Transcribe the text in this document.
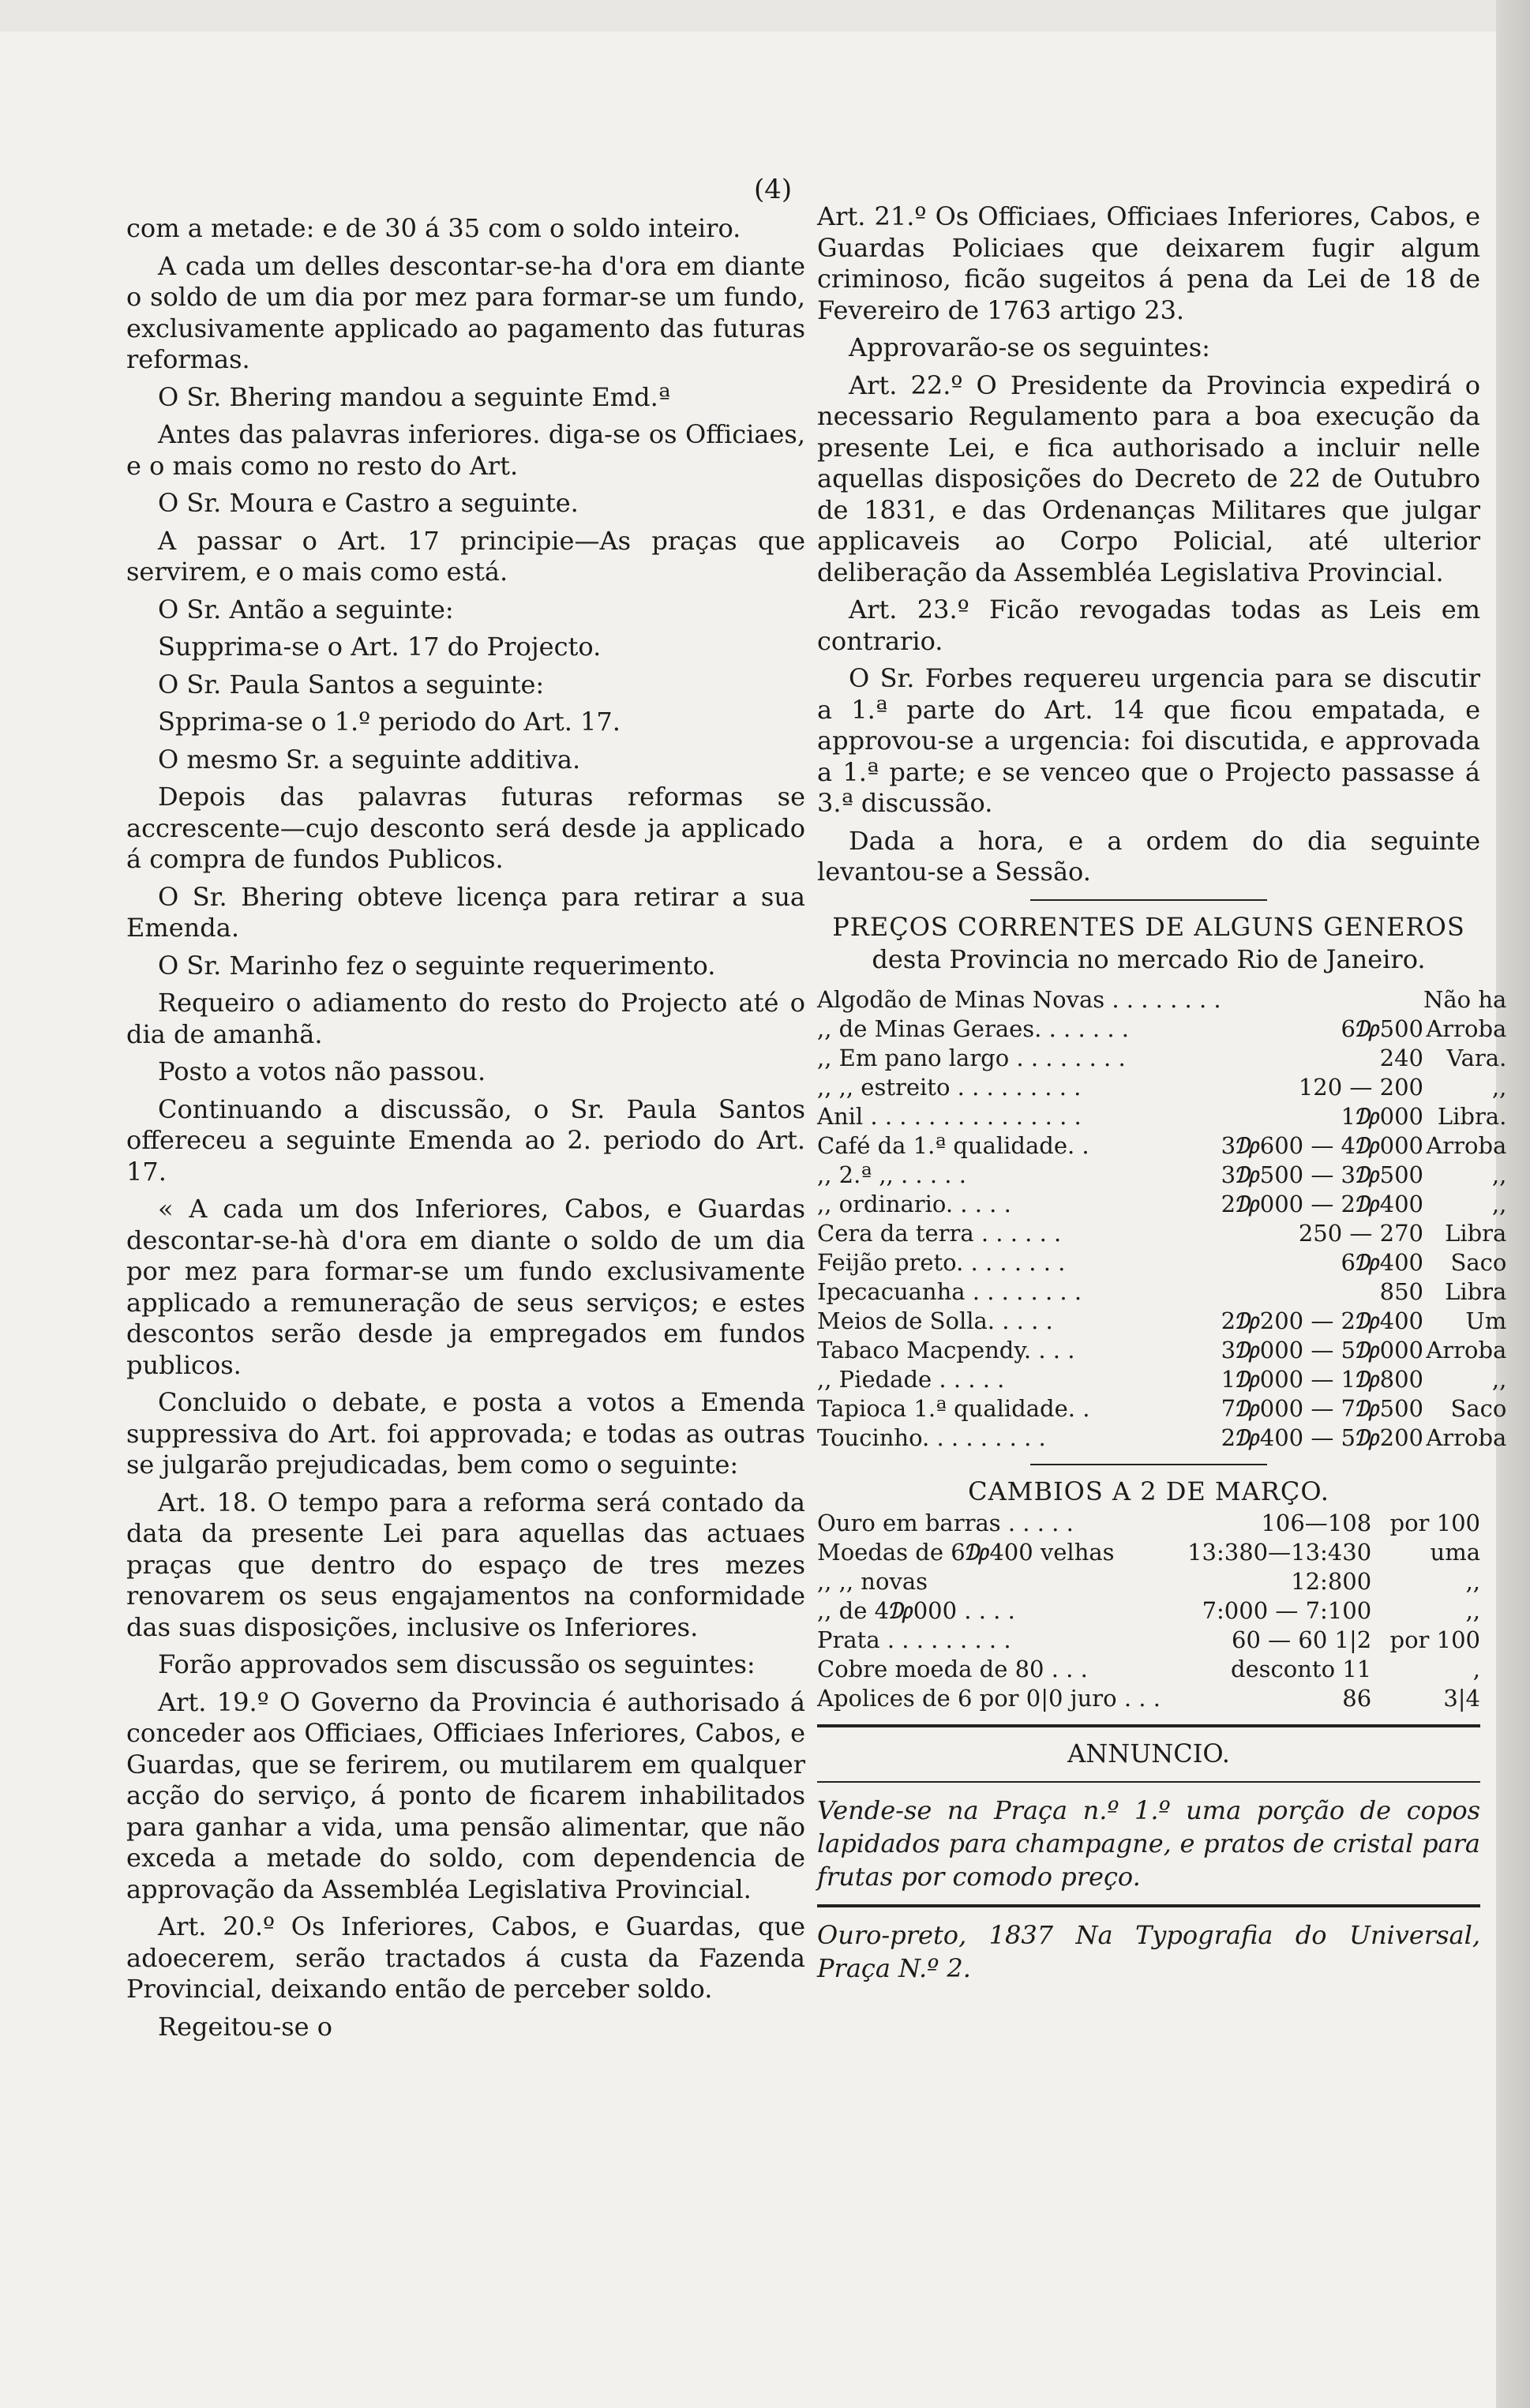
(4)

com a metade: e de 30 á 35 com o soldo inteiro.

A cada um delles descontar-se-ha d'ora em diante o soldo de um dia por mez para formar-se um fundo, exclusivamente applicado ao pagamento das futuras reformas.

O Sr. Bhering mandou a seguinte Emd.ª

Antes das palavras inferiores. diga-se os Officiaes, e o mais como no resto do Art.

O Sr. Moura e Castro a seguinte.

A passar o Art. 17 principie—As praças que servirem, e o mais como está.

O Sr. Antão a seguinte:

Supprima-se o Art. 17 do Projecto.

O Sr. Paula Santos a seguinte:

Spprima-se o 1.º periodo do Art. 17.

O mesmo Sr. a seguinte additiva.

Depois das palavras futuras reformas se accrescente—cujo desconto será desde ja applicado á compra de fundos Publicos.

O Sr. Bhering obteve licença para retirar a sua Emenda.

O Sr. Marinho fez o seguinte requerimento.

Requeiro o adiamento do resto do Projecto até o dia de amanhã.

Posto a votos não passou.

Continuando a discussão, o Sr. Paula Santos offereceu a seguinte Emenda ao 2. periodo do Art. 17.

« A cada um dos Inferiores, Cabos, e Guardas descontar-se-hà d'ora em diante o soldo de um dia por mez para formar-se um fundo exclusivamente applicado a remuneração de seus serviços; e estes descontos serão desde ja empregados em fundos publicos.

Concluido o debate, e posta a votos a Emenda suppressiva do Art. foi approvada; e todas as outras se julgarão prejudicadas, bem como o seguinte:

Art. 18. O tempo para a reforma será contado da data da presente Lei para aquellas das actuaes praças que dentro do espaço de tres mezes renovarem os seus engajamentos na conformidade das suas disposições, inclusive os Inferiores.

Forão approvados sem discussão os seguintes:

Art. 19.º O Governo da Provincia é authorisado á conceder aos Officiaes, Officiaes Inferiores, Cabos, e Guardas, que se ferirem, ou mutilarem em qualquer acção do serviço, á ponto de ficarem inhabilitados para ganhar a vida, uma pensão alimentar, que não exceda a metade do soldo, com dependencia de approvação da Assembléa Legislativa Provincial.

Art. 20.º Os Inferiores, Cabos, e Guardas, que adoecerem, serão tractados á custa da Fazenda Provincial, deixando então de perceber soldo.

Regeitou-se o

Art. 21.º Os Officiaes, Officiaes Inferiores, Cabos, e Guardas Policiaes que deixarem fugir algum criminoso, ficão sugeitos á pena da Lei de 18 de Fevereiro de 1763 artigo 23.

Approvarão-se os seguintes:

Art. 22.º O Presidente da Provincia expedirá o necessario Regulamento para a boa execução da presente Lei, e fica authorisado a incluir nelle aquellas disposições do Decreto de 22 de Outubro de 1831, e das Ordenanças Militares que julgar applicaveis ao Corpo Policial, até ulterior deliberação da Assembléa Legislativa Provincial.

Art. 23.º Ficão revogadas todas as Leis em contrario.

O Sr. Forbes requereu urgencia para se discutir a 1.ª parte do Art. 14 que ficou empatada, e approvou-se a urgencia: foi discutida, e approvada a 1.ª parte; e se venceo que o Projecto passasse á 3.ª discussão.

Dada a hora, e a ordem do dia seguinte levantou-se a Sessão.

PREÇOS CORRENTES DE ALGUNS GENEROS
desta Provincia no mercado Rio de Janeiro.
Algodão de Minas Novas . . . . . . . .		Não ha
,, de Minas Geraes. . . . . . .	6₯500	Arroba
,, Em pano largo . . . . . . . .	240	Vara.
,, ,, estreito . . . . . . . . .	120 — 200	,,
Anil . . . . . . . . . . . . . . .	1₯000	Libra.
Café da 1.ª qualidade. .	3₯600 — 4₯000	Arroba
,, 2.ª ,, . . . . .	3₯500 — 3₯500	,,
,, ordinario. . . . .	2₯000 — 2₯400	,,
Cera da terra . . . . . .	250 — 270	Libra
Feijão preto. . . . . . . .	6₯400	Saco
Ipecacuanha . . . . . . . .	850	Libra
Meios de Solla. . . . .	2₯200 — 2₯400	Um
Tabaco Macpendy. . . .	3₯000 — 5₯000	Arroba
,, Piedade . . . . .	1₯000 — 1₯800	,,
Tapioca 1.ª qualidade. .	7₯000 — 7₯500	Saco
Toucinho. . . . . . . . .	2₯400 — 5₯200	Arroba
CAMBIOS A 2 DE MARÇO.
Ouro em barras . . . . .	106—108	por 100
Moedas de 6₯400 velhas	13:380—13:430	uma
,, ,, novas	12:800	,,
,, de 4₯000 . . . .	7:000 — 7:100	,,
Prata . . . . . . . . .	60 — 60 1|2	por 100
Cobre moeda de 80 . . .	desconto 11	,
Apolices de 6 por 0|0 juro . . .	86	3|4
ANNUNCIO.
Vende-se na Praça n.º 1.º uma porção de copos lapidados para champagne, e pratos de cristal para frutas por comodo preço.
Ouro-preto, 1837 Na Typografia do Universal, Praça N.º 2.
